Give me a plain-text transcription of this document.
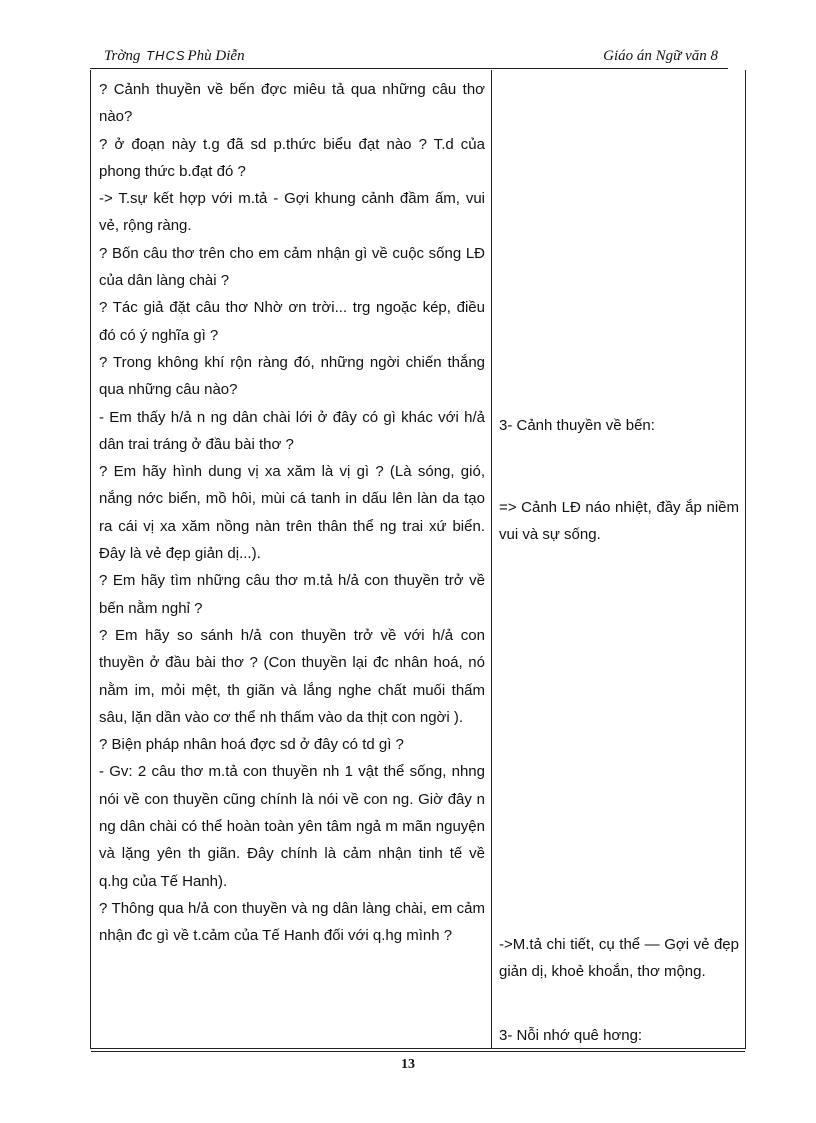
Trờng THCS Phù Diễn	Giáo án Ngữ văn 8

? Cảnh thuyền về bến đợc miêu tả qua những câu thơ nào?

? ở đoạn này t.g đã sd p.thức biểu đạt nào ? T.d của phong thức b.đạt đó ?

-> T.sự kết hợp với m.tả - Gợi khung cảnh đầm ấm, vui vẻ, rộng ràng.

? Bốn câu thơ trên cho em cảm nhận gì về cuộc sống LĐ của dân làng chài ?

? Tác giả đặt câu thơ Nhờ ơn trời... trg ngoặc kép, điều đó có ý nghĩa gì ?

? Trong không khí rộn ràng đó, những ngời chiến thắng qua những câu nào?

- Em thấy h/ả n ng dân chài lới ở đây có gì khác với h/ả dân trai tráng ở đầu bài thơ ?

? Em hãy hình dung vị xa xăm là vị gì ? (Là sóng, gió, nắng nớc biển, mồ hôi, mùi cá tanh in dấu lên làn da tạo ra cái vị xa xăm nồng nàn trên thân thể ng trai xứ biển. Đây là vẻ đẹp giản dị...).

? Em hãy tìm những câu thơ m.tả h/ả con thuyền trở về bến nằm nghỉ ?

? Em hãy so sánh h/ả con thuyền trở về với h/ả con thuyền ở đầu bài thơ ? (Con thuyền lại đc nhân hoá, nó nằm im, mỏi mệt, th giãn và lắng nghe chất muối thấm sâu, lặn dần vào cơ thể nh thấm vào da thịt con ngời ).

? Biện pháp nhân hoá đợc sd ở đây có td gì ?

- Gv: 2 câu thơ m.tả con thuyền nh 1 vật thể sống, nhng nói về con thuyền cũng chính là nói về con ng. Giờ đây n ng dân chài có thể hoàn toàn yên tâm ngả m mãn nguyện và lặng yên th giãn. Đây chính là cảm nhận tinh tế về q.hg của Tế Hanh).

? Thông qua h/ả con thuyền và ng dân làng chài, em cảm nhận đc gì về t.cảm của Tế Hanh đối với q.hg mình ?

3- Cảnh thuyền về bến:

=> Cảnh LĐ náo nhiệt, đầy ắp niềm vui và sự sống.

->M.tả chi tiết, cụ thể — Gợi vẻ đẹp giản dị, khoẻ khoắn, thơ mộng.

3- Nỗi nhớ quê hơng:

13
